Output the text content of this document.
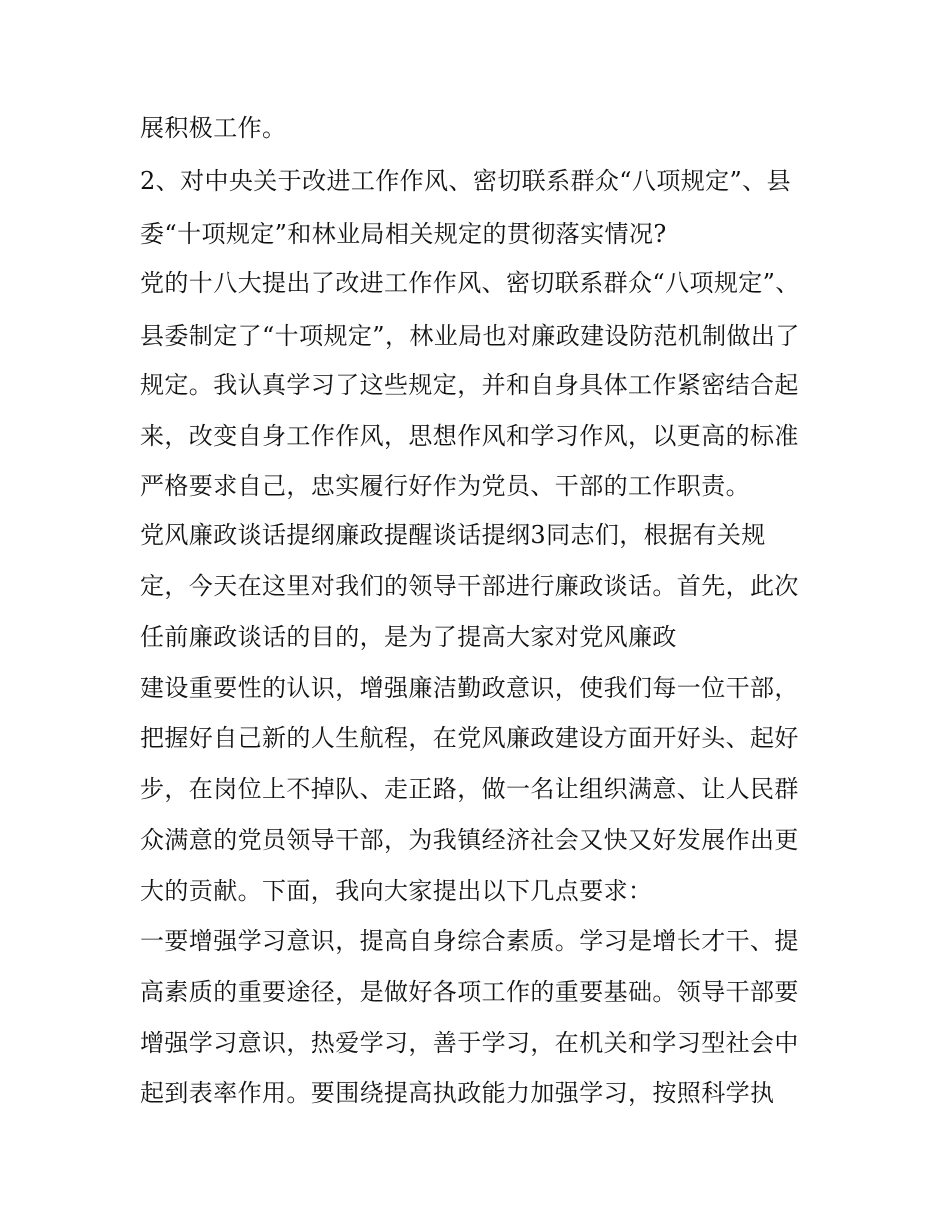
展积极工作。

2、对中央关于改进工作作风、密切联系群众“八项规定”、县

委“十项规定”和林业局相关规定的贯彻落实情况?

党的十八大提出了改进工作作风、密切联系群众“八项规定”、

县委制定了“十项规定”，林业局也对廉政建设防范机制做出了

规定。我认真学习了这些规定，并和自身具体工作紧密结合起

来，改变自身工作作风，思想作风和学习作风，以更高的标准

严格要求自己，忠实履行好作为党员、干部的工作职责。

党风廉政谈话提纲廉政提醒谈话提纲3同志们，根据有关规

定，今天在这里对我们的领导干部进行廉政谈话。首先，此次

任前廉政谈话的目的，是为了提高大家对党风廉政

建设重要性的认识，增强廉洁勤政意识，使我们每一位干部，

把握好自己新的人生航程，在党风廉政建设方面开好头、起好

步，在岗位上不掉队、走正路，做一名让组织满意、让人民群

众满意的党员领导干部，为我镇经济社会又快又好发展作出更

大的贡献。下面，我向大家提出以下几点要求：

一要增强学习意识，提高自身综合素质。学习是增长才干、提

高素质的重要途径，是做好各项工作的重要基础。领导干部要

增强学习意识，热爱学习，善于学习，在机关和学习型社会中

起到表率作用。要围绕提高执政能力加强学习，按照科学执
